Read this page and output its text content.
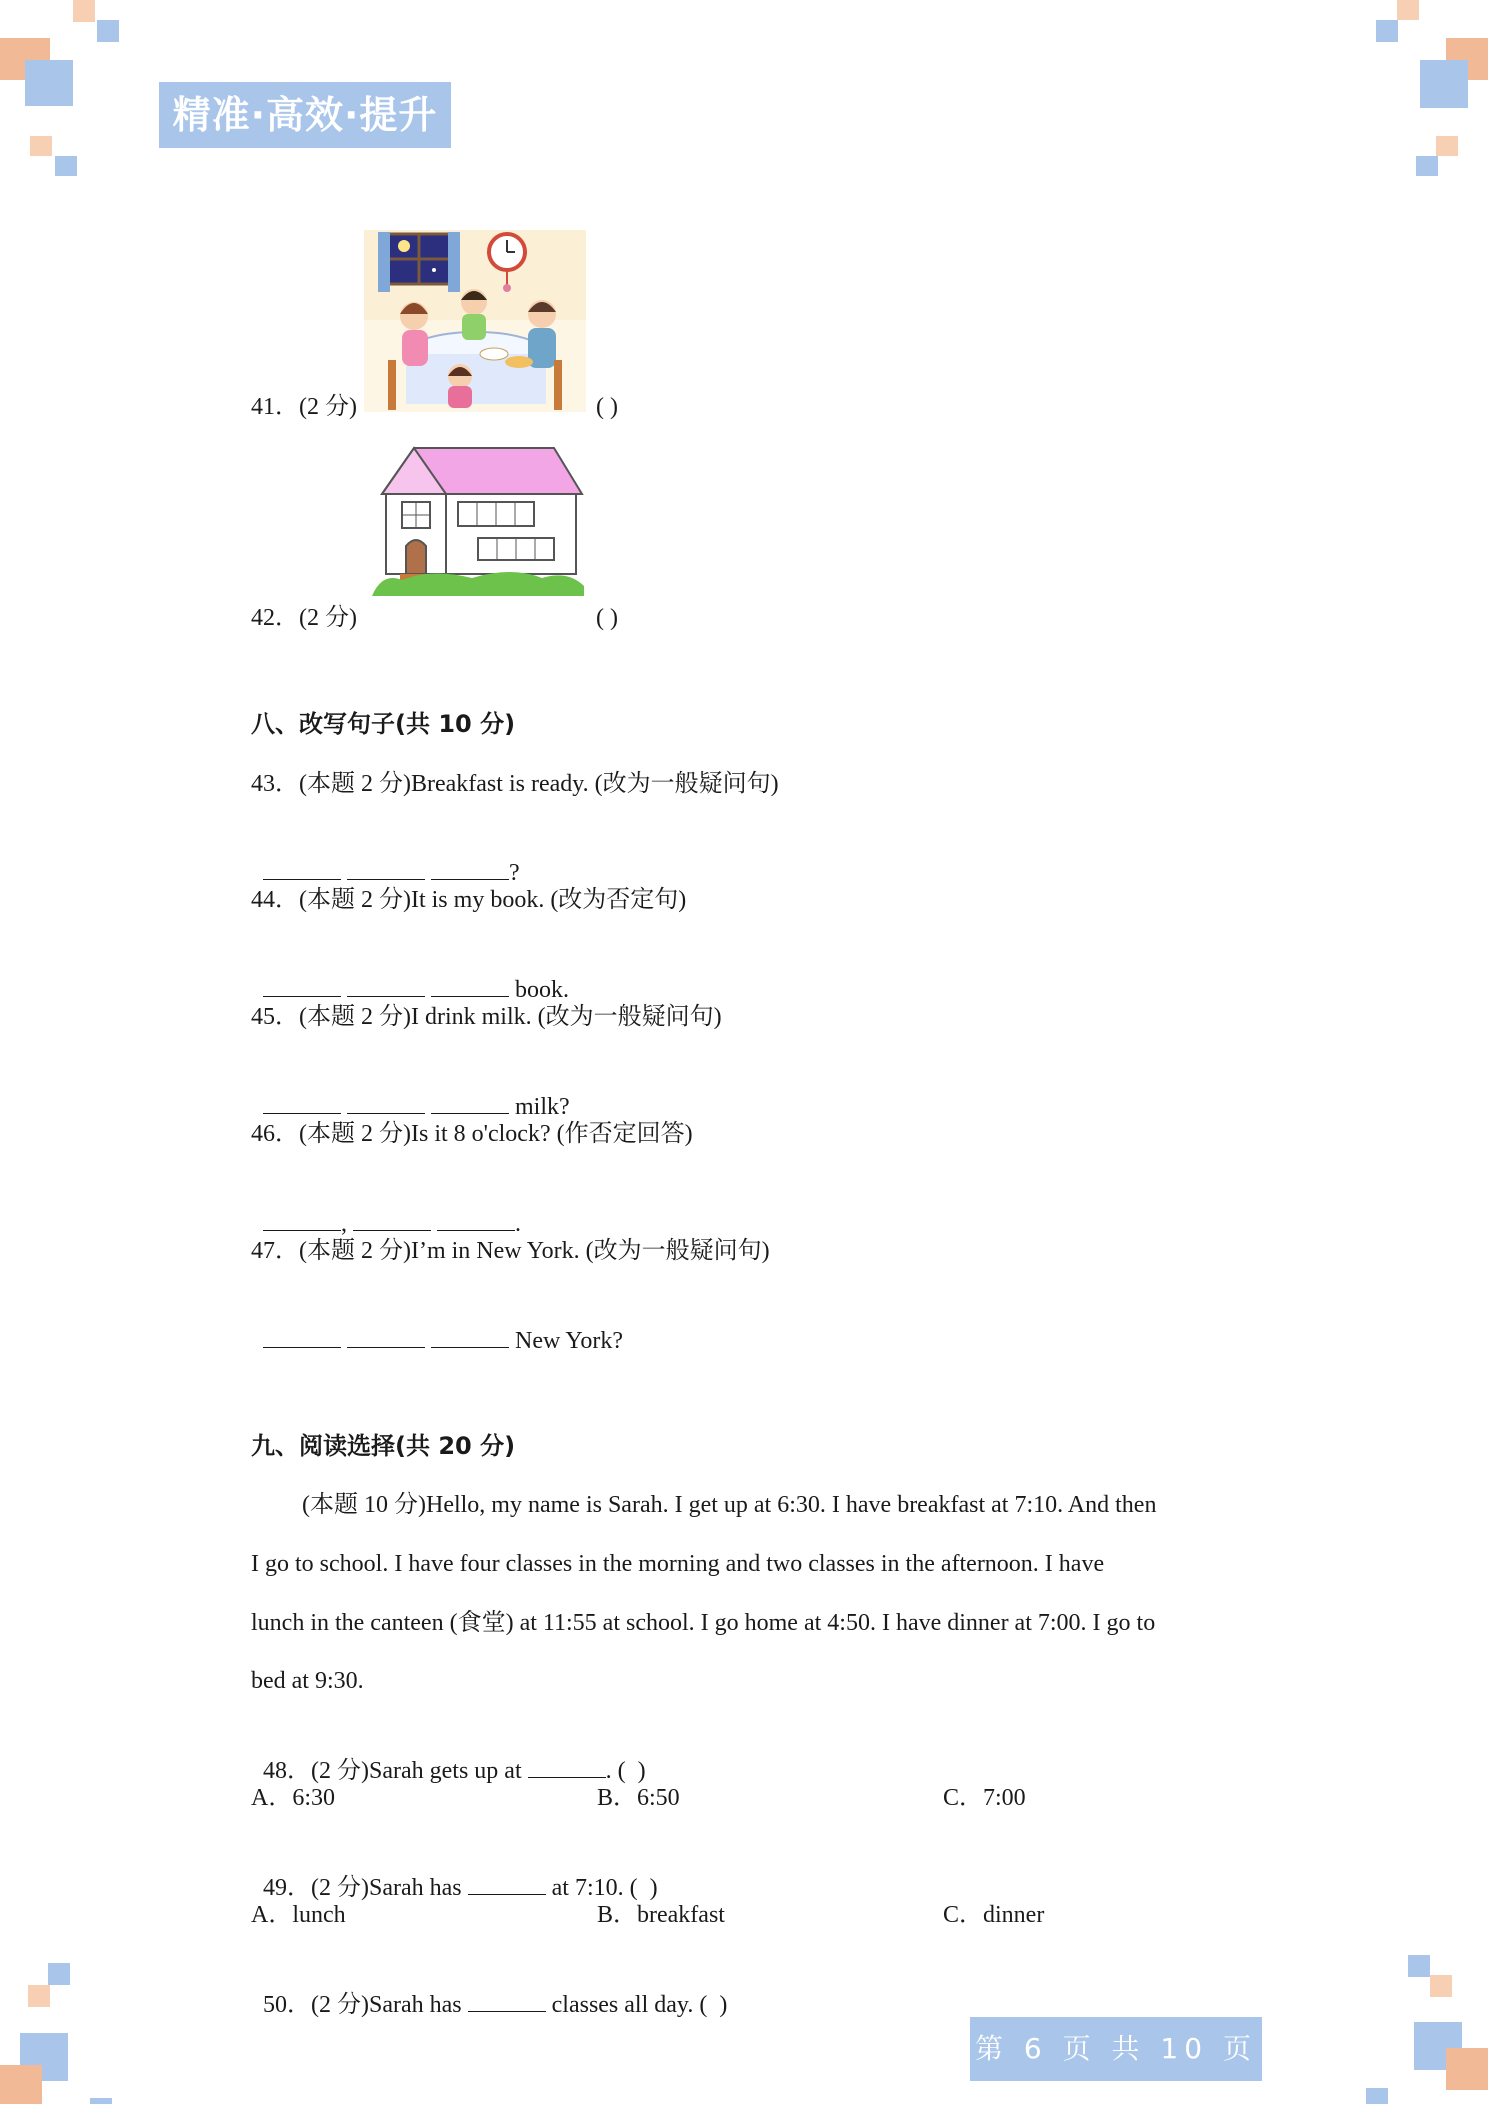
精准·高效·提升
41．(2 分)	( )
42．(2 分)	( )
八、改写句子(共 10 分)
43．(本题 2 分)Breakfast is ready. (改为一般疑问句)

?

44．(本题 2 分)It is my book. (改为否定句)

book.

45．(本题 2 分)I drink milk. (改为一般疑问句)

milk?

46．(本题 2 分)Is it 8 o'clock? (作否定回答)

,	.

47．(本题 2 分)I’m in New York. (改为一般疑问句)

New York?

九、阅读选择(共 20 分)
(本题 10 分)Hello, my name is Sarah. I get up at 6:30. I have breakfast at 7:10. And then
I go to school. I have four classes in the morning and two classes in the afternoon. I have
lunch in the canteen (食堂) at 11:55 at school. I go home at 4:50. I have dinner at 7:00. I go to
bed at 9:30.

48．(2 分)Sarah gets up at	. (  )

A．6:30	B．6:50	C．7:00

49．(2 分)Sarah has	at 7:10. (  )

A．lunch	B．breakfast	C．dinner

50．(2 分)Sarah has	classes all day. (  )

第 6 页 共 10 页
